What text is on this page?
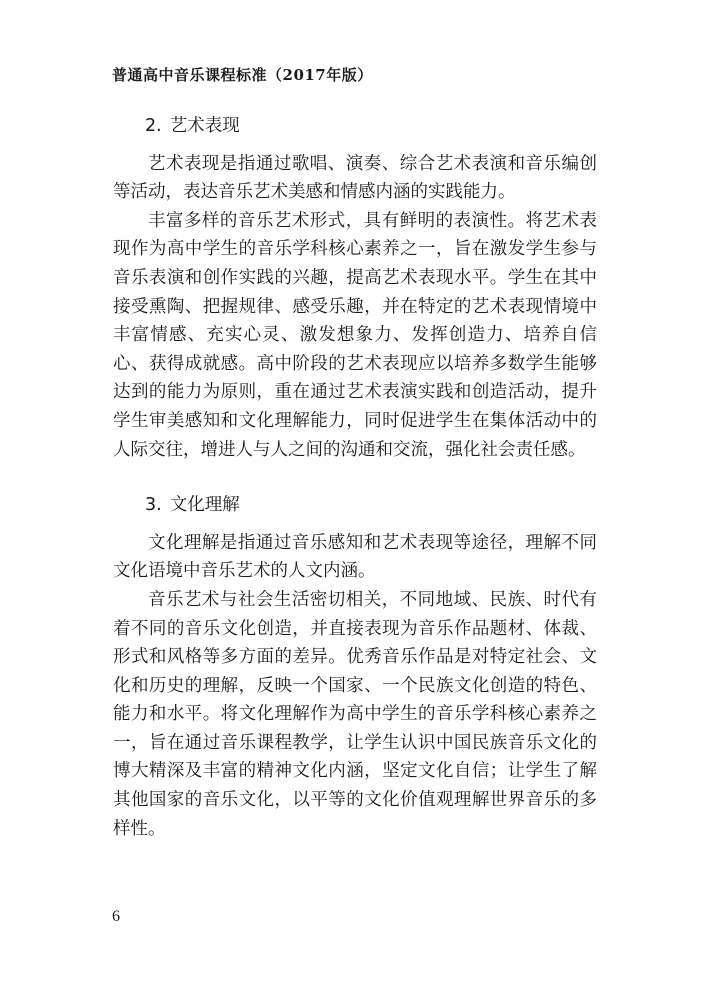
普通高中音乐课程标准（2017年版）
2. 艺术表现

艺术表现是指通过歌唱、演奏、综合艺术表演和音乐编创等活动，表达音乐艺术美感和情感内涵的实践能力。

丰富多样的音乐艺术形式，具有鲜明的表演性。将艺术表现作为高中学生的音乐学科核心素养之一，旨在激发学生参与音乐表演和创作实践的兴趣，提高艺术表现水平。学生在其中接受熏陶、把握规律、感受乐趣，并在特定的艺术表现情境中丰富情感、充实心灵、激发想象力、发挥创造力、培养自信心、获得成就感。高中阶段的艺术表现应以培养多数学生能够达到的能力为原则，重在通过艺术表演实践和创造活动，提升学生审美感知和文化理解能力，同时促进学生在集体活动中的人际交往，增进人与人之间的沟通和交流，强化社会责任感。

3. 文化理解

文化理解是指通过音乐感知和艺术表现等途径，理解不同文化语境中音乐艺术的人文内涵。

音乐艺术与社会生活密切相关，不同地域、民族、时代有着不同的音乐文化创造，并直接表现为音乐作品题材、体裁、形式和风格等多方面的差异。优秀音乐作品是对特定社会、文化和历史的理解，反映一个国家、一个民族文化创造的特色、能力和水平。将文化理解作为高中学生的音乐学科核心素养之一，旨在通过音乐课程教学，让学生认识中国民族音乐文化的博大精深及丰富的精神文化内涵，坚定文化自信；让学生了解其他国家的音乐文化，以平等的文化价值观理解世界音乐的多样性。

6
